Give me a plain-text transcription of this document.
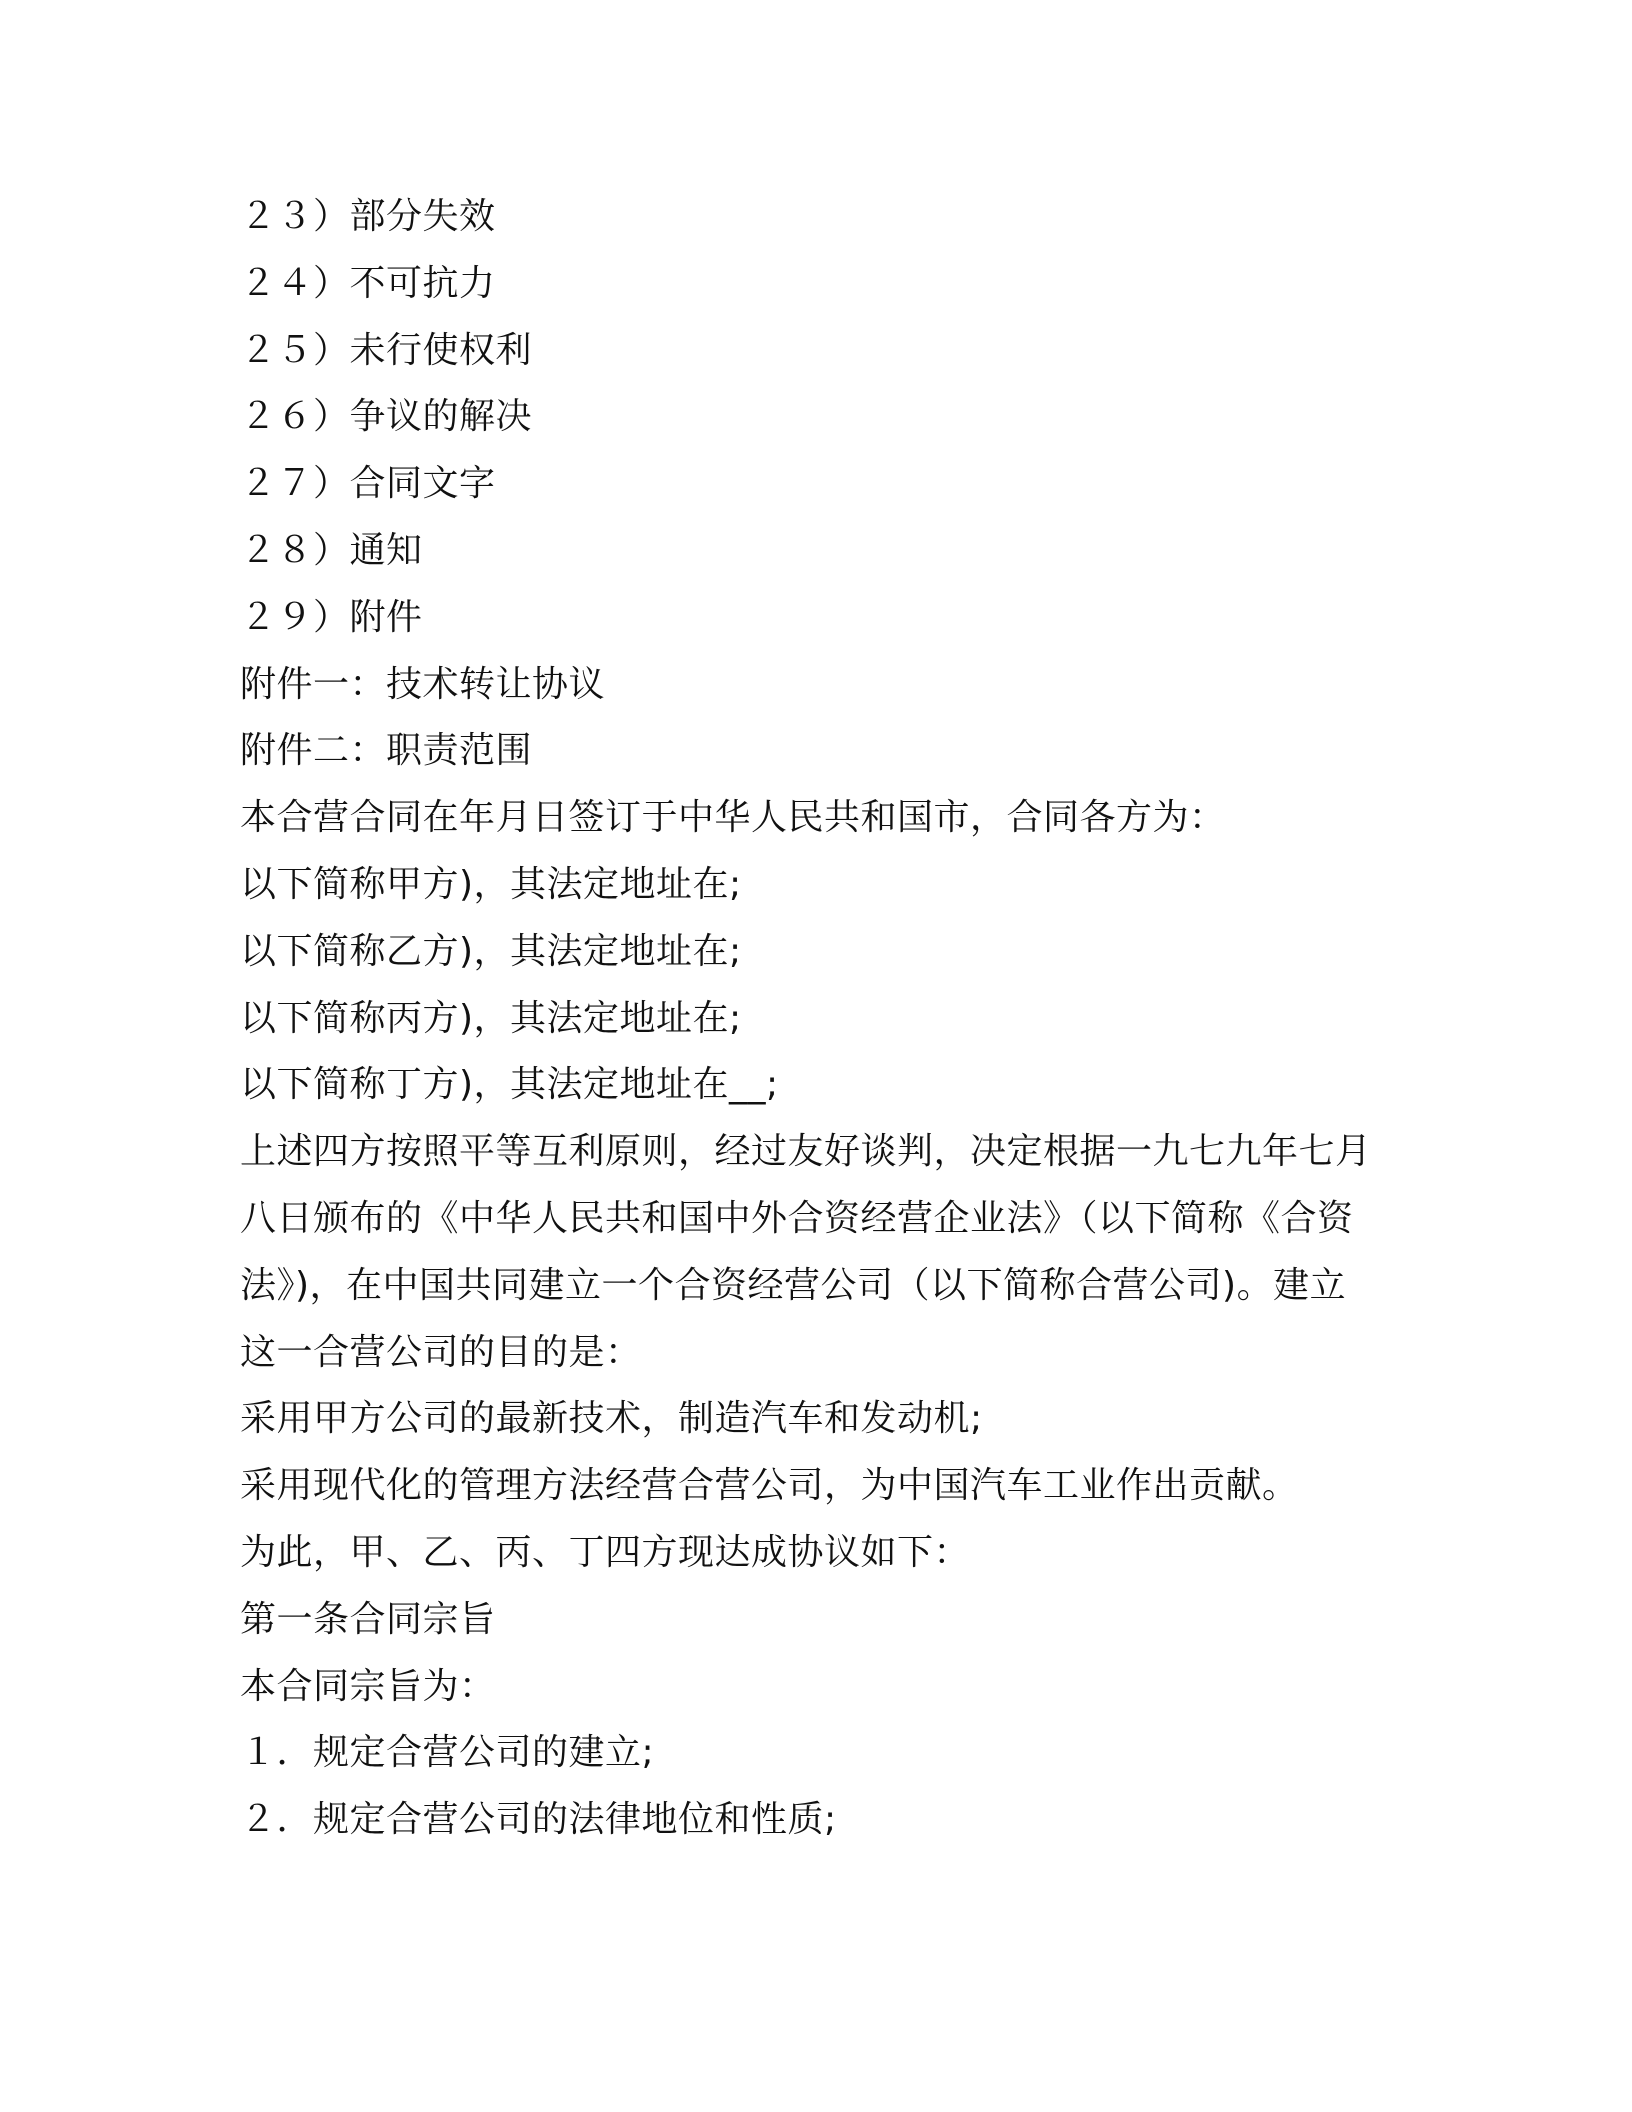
２３）部分失效

２４）不可抗力

２５）未行使权利

２６）争议的解决

２７）合同文字

２８）通知

２９）附件

附件一：技术转让协议

附件二：职责范围

本合营合同在年月日签订于中华人民共和国市，合同各方为：

以下简称甲方)，其法定地址在;

以下简称乙方)，其法定地址在;

以下简称丙方)，其法定地址在;

以下简称丁方)，其法定地址在__;

上述四方按照平等互利原则，经过友好谈判，决定根据一九七九年七月

八日颁布的《中华人民共和国中外合资经营企业法》（以下简称《合资

法》)，在中国共同建立一个合资经营公司（以下简称合营公司)。建立

这一合营公司的目的是：

采用甲方公司的最新技术，制造汽车和发动机;

采用现代化的管理方法经营合营公司，为中国汽车工业作出贡献。

为此，甲、乙、丙、丁四方现达成协议如下：

第一条合同宗旨

本合同宗旨为：

１．规定合营公司的建立;

２．规定合营公司的法律地位和性质;
